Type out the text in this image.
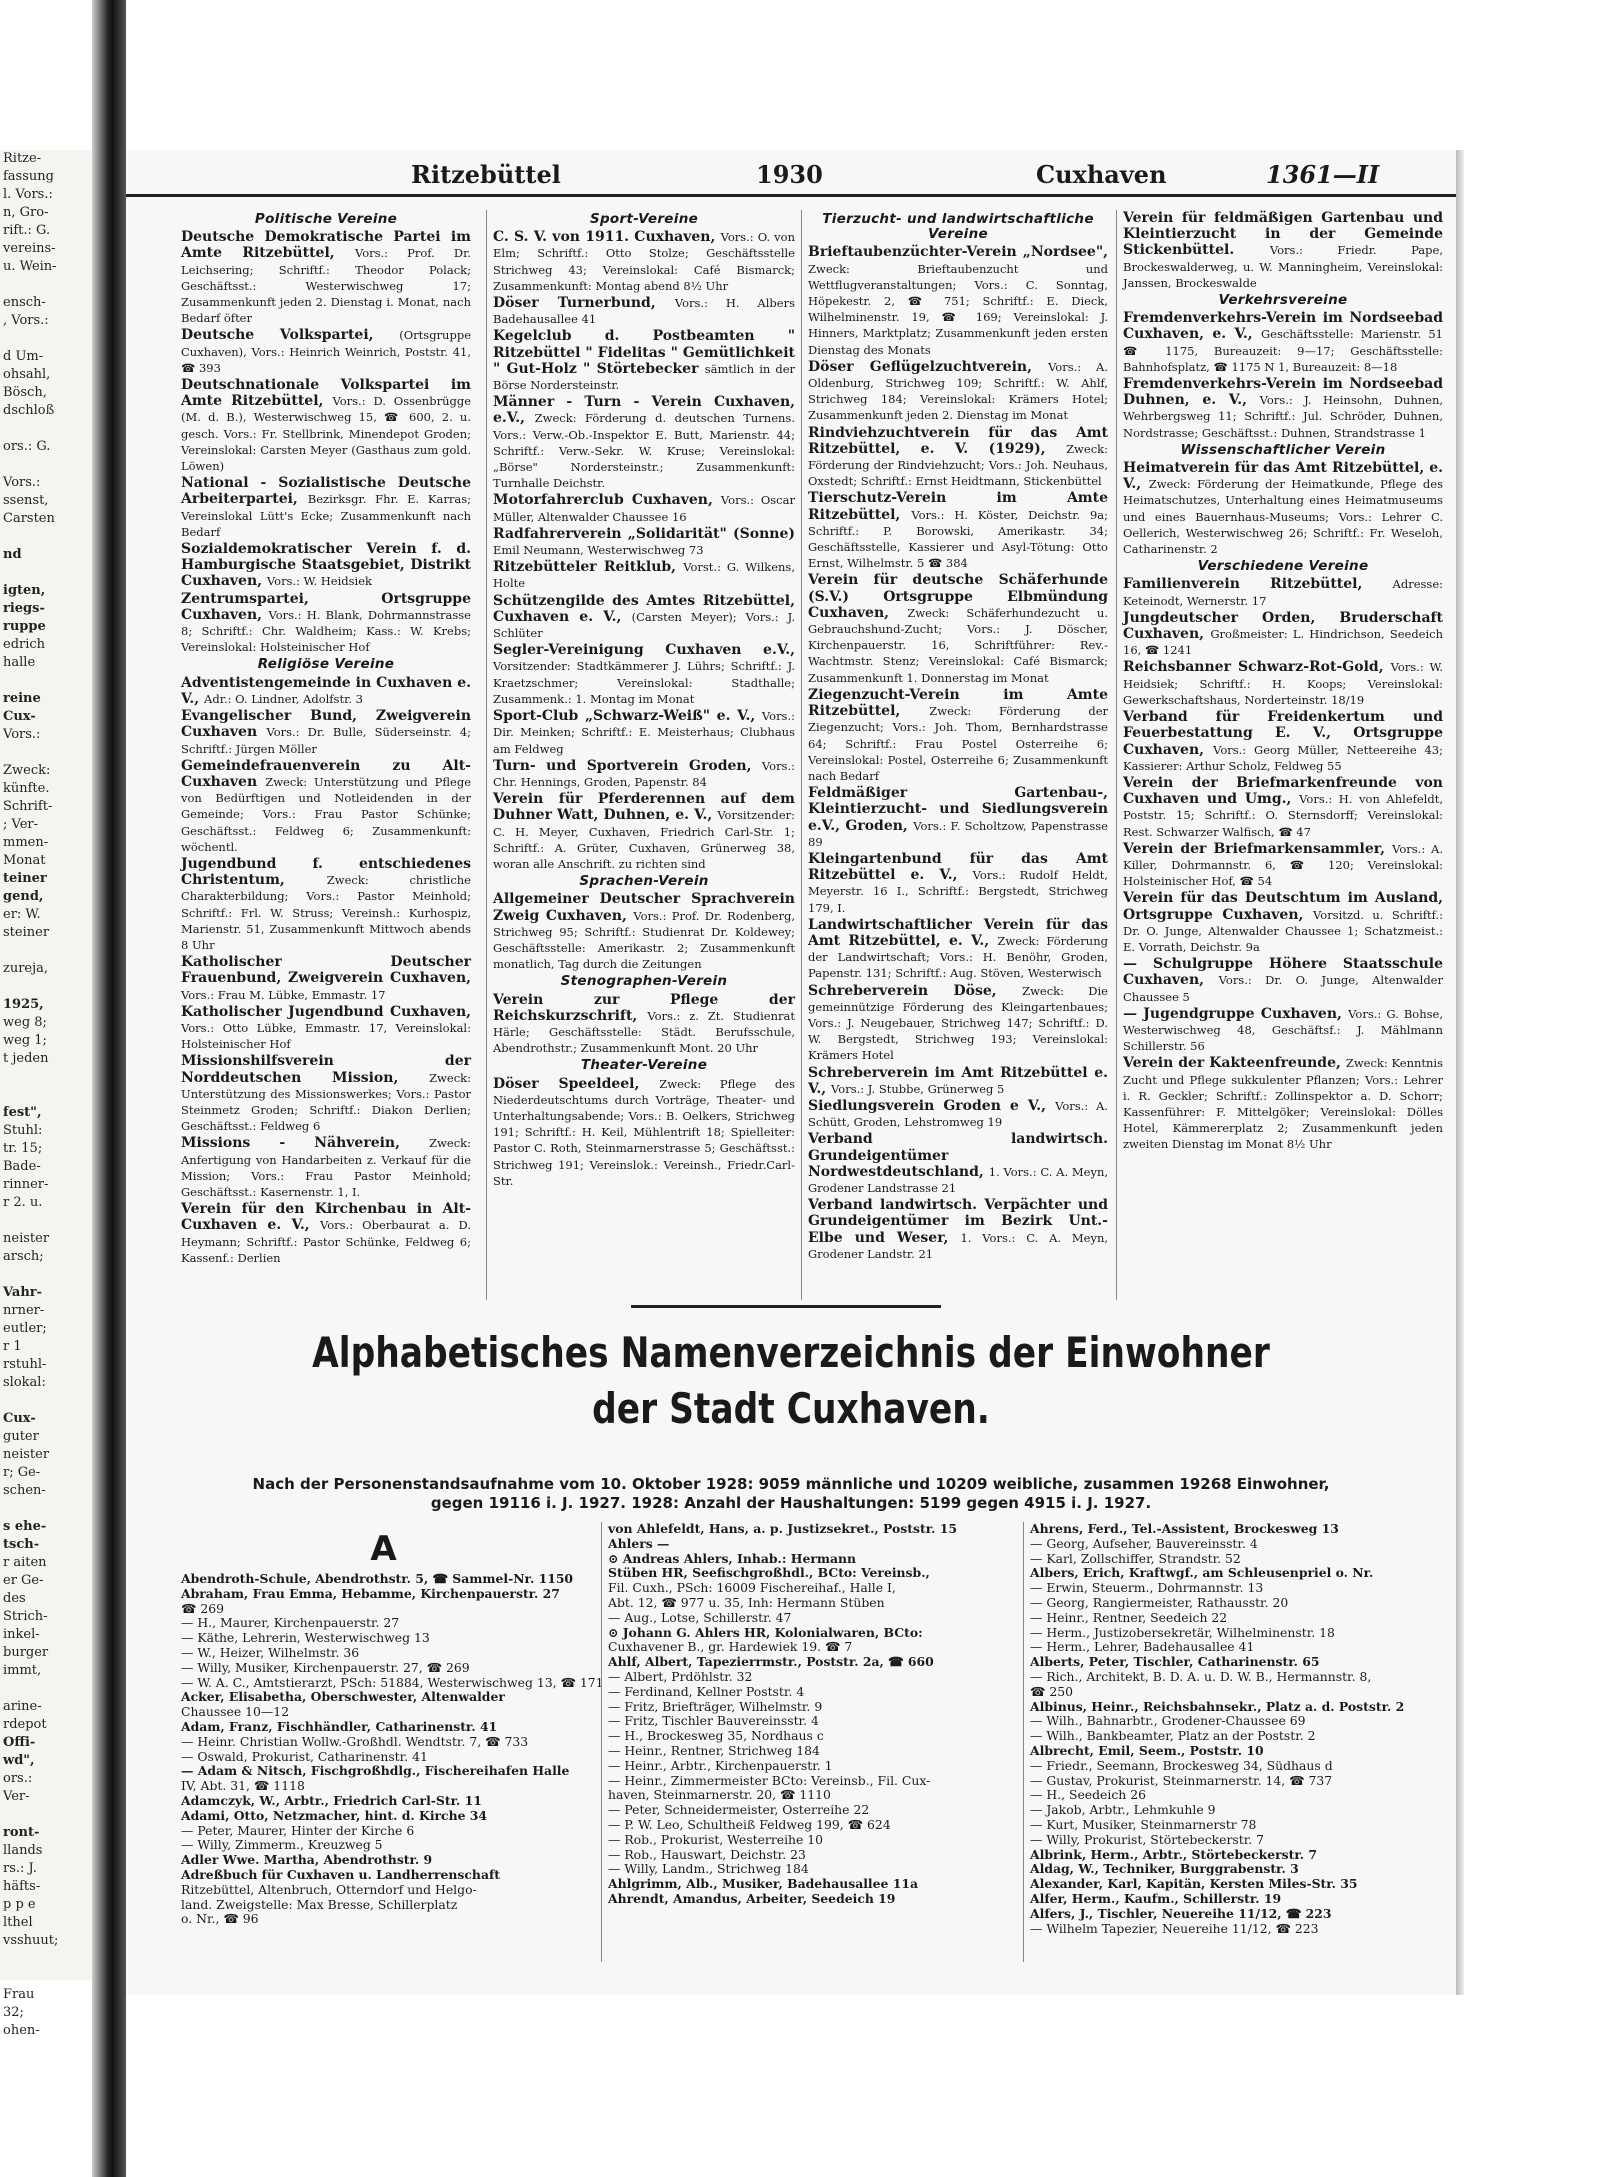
Ritze-
fassung
l. Vors.:
n, Gro-
rift.: G.
vereins-
u. Wein-

ensch-
, Vors.:

d Um-
ohsahl,
Bösch,
dschloß

ors.: G.

Vors.:
ssenst,
Carsten

nd

igten,
riegs-
ruppe
edrich
halle

reine
Cux-
Vors.:

Zweck:
künfte.
Schrift-
; Ver-
mmen-
Monat
teiner
gend,
er: W.
steiner

zureja,

1925,
weg 8;
weg 1;
t jeden

fest",
Stuhl:
tr. 15;
Bade-
rinner-
r 2. u.

neister
arsch;

Vahr-
nrner-
eutler;
r 1
rstuhl-
slokal:

Cux-
guter
neister
r; Ge-
schen-

s ehe-
tsch-
r aiten
er Ge-
des
Strich-
inkel-
burger
immt,

arine-
rdepot
Offi-
wd",
ors.:
Ver-

ront-
llands
rs.: J.
häfts-
p p e
lthel
vsshuut;

Frau
32;
ohen-
Ritzebüttel	1930	Cuxhaven	1361—II
Politische Vereine
Deutsche Demokratische Partei im Amte Ritzebüttel, Vors.: Prof. Dr. Leichsering; Schriftf.: Theodor Polack; Geschäftsst.: Westerwischweg 17; Zusammenkunft jeden 2. Dienstag i. Monat, nach Bedarf öfter
Deutsche Volkspartei, (Ortsgruppe Cuxhaven), Vors.: Heinrich Weinrich, Poststr. 41, ☎ 393
Deutschnationale Volkspartei im Amte Ritzebüttel, Vors.: D. Ossenbrügge (M. d. B.), Westerwischweg 15, ☎ 600, 2. u. gesch. Vors.: Fr. Stellbrink, Minendepot Groden; Vereinslokal: Carsten Meyer (Gasthaus zum gold. Löwen)
National - Sozialistische Deutsche Arbeiterpartei, Bezirksgr. Fhr. E. Karras; Vereinslokal Lütt's Ecke; Zusammenkunft nach Bedarf
Sozialdemokratischer Verein f. d. Hamburgische Staatsgebiet, Distrikt Cuxhaven, Vors.: W. Heidsiek
Zentrumspartei, Ortsgruppe Cuxhaven, Vors.: H. Blank, Dohrmannstrasse 8; Schriftf.: Chr. Waldheim; Kass.: W. Krebs; Vereinslokal: Holsteinischer Hof
Religiöse Vereine
Adventistengemeinde in Cuxhaven e. V., Adr.: O. Lindner, Adolfstr. 3
Evangelischer Bund, Zweigverein Cuxhaven Vors.: Dr. Bulle, Süderseinstr. 4; Schriftf.: Jürgen Möller
Gemeindefrauenverein zu Alt-Cuxhaven Zweck: Unterstützung und Pflege von Bedürftigen und Notleidenden in der Gemeinde; Vors.: Frau Pastor Schünke; Geschäftsst.: Feldweg 6; Zusammenkunft: wöchentl.
Jugendbund f. entschiedenes Christentum, Zweck: christliche Charakterbildung; Vors.: Pastor Meinhold; Schriftf.: Frl. W. Struss; Vereinsh.: Kurhospiz, Marienstr. 51, Zusammenkunft Mittwoch abends 8 Uhr
Katholischer Deutscher Frauenbund, Zweigverein Cuxhaven, Vors.: Frau M. Lübke, Emmastr. 17
Katholischer Jugendbund Cuxhaven, Vors.: Otto Lübke, Emmastr. 17, Vereinslokal: Holsteinischer Hof
Missionshilfsverein der Norddeutschen Mission, Zweck: Unterstützung des Missionswerkes; Vors.: Pastor Steinmetz Groden; Schriftf.: Diakon Derlien; Geschäftsst.: Feldweg 6
Missions - Nähverein, Zweck: Anfertigung von Handarbeiten z. Verkauf für die Mission; Vors.: Frau Pastor Meinhold; Geschäftsst.: Kasernenstr. 1, I.
Verein für den Kirchenbau in Alt-Cuxhaven e. V., Vors.: Oberbaurat a. D. Heymann; Schriftf.: Pastor Schünke, Feldweg 6; Kassenf.: Derlien
Sport-Vereine
C. S. V. von 1911. Cuxhaven, Vors.: O. von Elm; Schriftf.: Otto Stolze; Geschäftsstelle Strichweg 43; Vereinslokal: Café Bismarck; Zusammenkunft: Montag abend 8½ Uhr
Döser Turnerbund, Vors.: H. Albers Badehausallee 41
Kegelclub d. Postbeamten " Ritzebüttel " Fidelitas " Gemütlichkeit " Gut-Holz " Störtebecker sämtlich in der Börse Nordersteinstr.
Männer - Turn - Verein Cuxhaven, e.V., Zweck: Förderung d. deutschen Turnens. Vors.: Verw.-Ob.-Inspektor E. Butt, Marienstr. 44; Schriftf.: Verw.-Sekr. W. Kruse; Vereinslokal: „Börse" Nordersteinstr.; Zusammenkunft: Turnhalle Deichstr.
Motorfahrerclub Cuxhaven, Vors.: Oscar Müller, Altenwalder Chaussee 16
Radfahrerverein „Solidarität" (Sonne) Emil Neumann, Westerwischweg 73
Ritzebütteler Reitklub, Vorst.: G. Wilkens, Holte
Schützengilde des Amtes Ritzebüttel, Cuxhaven e. V., (Carsten Meyer); Vors.: J. Schlüter
Segler-Vereinigung Cuxhaven e.V., Vorsitzender: Stadtkämmerer J. Lührs; Schriftf.: J. Kraetzschmer; Vereinslokal: Stadthalle; Zusammenk.: 1. Montag im Monat
Sport-Club „Schwarz-Weiß" e. V., Vors.: Dir. Meinken; Schriftf.: E. Meisterhaus; Clubhaus am Feldweg
Turn- und Sportverein Groden, Vors.: Chr. Hennings, Groden, Papenstr. 84
Verein für Pferderennen auf dem Duhner Watt, Duhnen, e. V., Vorsitzender: C. H. Meyer, Cuxhaven, Friedrich Carl-Str. 1; Schriftf.: A. Grüter, Cuxhaven, Grünerweg 38, woran alle Anschrift. zu richten sind
Sprachen-Verein
Allgemeiner Deutscher Sprachverein Zweig Cuxhaven, Vors.: Prof. Dr. Rodenberg, Strichweg 95; Schriftf.: Studienrat Dr. Koldewey; Geschäftsstelle: Amerikastr. 2; Zusammenkunft monatlich, Tag durch die Zeitungen
Stenographen-Verein
Verein zur Pflege der Reichskurzschrift, Vors.: z. Zt. Studienrat Härle; Geschäftsstelle: Städt. Berufsschule, Abendrothstr.; Zusammenkunft Mont. 20 Uhr
Theater-Vereine
Döser Speeldeel, Zweck: Pflege des Niederdeutschtums durch Vorträge, Theater- und Unterhaltungsabende; Vors.: B. Oelkers, Strichweg 191; Schriftf.: H. Keil, Mühlentrift 18; Spielleiter: Pastor C. Roth, Steinmarnerstrasse 5; Geschäftsst.: Strichweg 191; Vereinslok.: Vereinsh., Friedr.Carl-Str.
Tierzucht- und landwirtschaftliche Vereine
Brieftaubenzüchter-Verein „Nordsee", Zweck: Brieftaubenzucht und Wettflugveranstaltungen; Vors.: C. Sonntag, Höpekestr. 2, ☎ 751; Schriftf.: E. Dieck, Wilhelminenstr. 19, ☎ 169; Vereinslokal: J. Hinners, Marktplatz; Zusammenkunft jeden ersten Dienstag des Monats
Döser Geflügelzuchtverein, Vors.: A. Oldenburg, Strichweg 109; Schriftf.: W. Ahlf, Strichweg 184; Vereinslokal: Krämers Hotel; Zusammenkunft jeden 2. Dienstag im Monat
Rindviehzuchtverein für das Amt Ritzebüttel, e. V. (1929), Zweck: Förderung der Rindviehzucht; Vors.: Joh. Neuhaus, Oxstedt; Schriftf.: Ernst Heidtmann, Stickenbüttel
Tierschutz-Verein im Amte Ritzebüttel, Vors.: H. Köster, Deichstr. 9a; Schriftf.: P. Borowski, Amerikastr. 34; Geschäftsstelle, Kassierer und Asyl-Tötung: Otto Ernst, Wilhelmstr. 5 ☎ 384
Verein für deutsche Schäferhunde (S.V.) Ortsgruppe Elbmündung Cuxhaven, Zweck: Schäferhundezucht u. Gebrauchshund-Zucht; Vors.: J. Döscher, Kirchenpauerstr. 16, Schriftführer: Rev.-Wachtmstr. Stenz; Vereinslokal: Café Bismarck; Zusammenkunft 1. Donnerstag im Monat
Ziegenzucht-Verein im Amte Ritzebüttel, Zweck: Förderung der Ziegenzucht; Vors.: Joh. Thom, Bernhardstrasse 64; Schriftf.: Frau Postel Osterreihe 6; Vereinslokal: Postel, Osterreihe 6; Zusammenkunft nach Bedarf
Feldmäßiger Gartenbau-, Kleintierzucht- und Siedlungsverein e.V., Groden, Vors.: F. Scholtzow, Papenstrasse 89
Kleingartenbund für das Amt Ritzebüttel e. V., Vors.: Rudolf Heldt, Meyerstr. 16 I., Schriftf.: Bergstedt, Strichweg 179, I.
Landwirtschaftlicher Verein für das Amt Ritzebüttel, e. V., Zweck: Förderung der Landwirtschaft; Vors.: H. Benöhr, Groden, Papenstr. 131; Schriftf.: Aug. Stöven, Westerwisch
Schreberverein Döse, Zweck: Die gemeinnützige Förderung des Kleingartenbaues; Vors.: J. Neugebauer, Strichweg 147; Schriftf.: D. W. Bergstedt, Strichweg 193; Vereinslokal: Krämers Hotel
Schreberverein im Amt Ritzebüttel e. V., Vors.: J. Stubbe, Grünerweg 5
Siedlungsverein Groden e V., Vors.: A. Schütt, Groden, Lehstromweg 19
Verband landwirtsch. Grundeigentümer Nordwestdeutschland, 1. Vors.: C. A. Meyn, Grodener Landstrasse 21
Verband landwirtsch. Verpächter und Grundeigentümer im Bezirk Unt.-Elbe und Weser, 1. Vors.: C. A. Meyn, Grodener Landstr. 21
Verein für feldmäßigen Gartenbau und Kleintierzucht in der Gemeinde Stickenbüttel. Vors.: Friedr. Pape, Brockeswalderweg, u. W. Manningheim, Vereinslokal: Janssen, Brockeswalde
Verkehrsvereine
Fremdenverkehrs-Verein im Nordseebad Cuxhaven, e. V., Geschäftsstelle: Marienstr. 51 ☎ 1175, Bureauzeit: 9—17; Geschäftsstelle: Bahnhofsplatz, ☎ 1175 N 1, Bureauzeit: 8—18
Fremdenverkehrs-Verein im Nordseebad Duhnen, e. V., Vors.: J. Heinsohn, Duhnen, Wehrbergsweg 11; Schriftf.: Jul. Schröder, Duhnen, Nordstrasse; Geschäftsst.: Duhnen, Strandstrasse 1
Wissenschaftlicher Verein
Heimatverein für das Amt Ritzebüttel, e. V., Zweck: Förderung der Heimatkunde, Pflege des Heimatschutzes, Unterhaltung eines Heimatmuseums und eines Bauernhaus-Museums; Vors.: Lehrer C. Oellerich, Westerwischweg 26; Schriftf.: Fr. Weseloh, Catharinenstr. 2
Verschiedene Vereine
Familienverein Ritzebüttel, Adresse: Keteinodt, Wernerstr. 17
Jungdeutscher Orden, Bruderschaft Cuxhaven, Großmeister: L. Hindrichson, Seedeich 16, ☎ 1241
Reichsbanner Schwarz-Rot-Gold, Vors.: W. Heidsiek; Schriftf.: H. Koops; Vereinslokal: Gewerkschaftshaus, Norderteinstr. 18/19
Verband für Freidenkertum und Feuerbestattung E. V., Ortsgruppe Cuxhaven, Vors.: Georg Müller, Netteereihe 43; Kassierer: Arthur Scholz, Feldweg 55
Verein der Briefmarkenfreunde von Cuxhaven und Umg., Vors.: H. von Ahlefeldt, Poststr. 15; Schriftf.: O. Sternsdorff; Vereinslokal: Rest. Schwarzer Walfisch, ☎ 47
Verein der Briefmarkensammler, Vors.: A. Killer, Dohrmannstr. 6, ☎ 120; Vereinslokal: Holsteinischer Hof, ☎ 54
Verein für das Deutschtum im Ausland, Ortsgruppe Cuxhaven, Vorsitzd. u. Schriftf.: Dr. O. Junge, Altenwalder Chaussee 1; Schatzmeist.: E. Vorrath, Deichstr. 9a
— Schulgruppe Höhere Staatsschule Cuxhaven, Vors.: Dr. O. Junge, Altenwalder Chaussee 5
— Jugendgruppe Cuxhaven, Vors.: G. Bohse, Westerwischweg 48, Geschäftsf.: J. Mählmann Schillerstr. 56
Verein der Kakteenfreunde, Zweck: Kenntnis Zucht und Pflege sukkulenter Pflanzen; Vors.: Lehrer i. R. Geckler; Schriftf.: Zollinspektor a. D. Schorr; Kassenführer: F. Mittelgöker; Vereinslokal: Dölles Hotel, Kämmererplatz 2; Zusammenkunft jeden zweiten Dienstag im Monat 8½ Uhr
Alphabetisches Namenverzeichnis der Einwohner
der Stadt Cuxhaven.
Nach der Personenstandsaufnahme vom 10. Oktober 1928: 9059 männliche und 10209 weibliche, zusammen 19268 Einwohner,
gegen 19116 i. J. 1927. 1928: Anzahl der Haushaltungen: 5199 gegen 4915 i. J. 1927.
A
Abendroth-Schule, Abendrothstr. 5, ☎ Sammel-Nr. 1150
Abraham, Frau Emma, Hebamme, Kirchenpauerstr. 27
☎ 269
— H., Maurer, Kirchenpauerstr. 27
— Käthe, Lehrerin, Westerwischweg 13
— W., Heizer, Wilhelmstr. 36
— Willy, Musiker, Kirchenpauerstr. 27, ☎ 269
— W. A. C., Amtstierarzt, PSch: 51884, Westerwischweg 13, ☎ 171
Acker, Elisabetha, Oberschwester, Altenwalder
Chaussee 10—12
Adam, Franz, Fischhändler, Catharinenstr. 41
— Heinr. Christian Wollw.-Großhdl. Wendtstr. 7, ☎ 733
— Oswald, Prokurist, Catharinenstr. 41
— Adam & Nitsch, Fischgroßhdlg., Fischereihafen Halle
IV, Abt. 31, ☎ 1118
Adamczyk, W., Arbtr., Friedrich Carl-Str. 11
Adami, Otto, Netzmacher, hint. d. Kirche 34
— Peter, Maurer, Hinter der Kirche 6
— Willy, Zimmerm., Kreuzweg 5
Adler Wwe. Martha, Abendrothstr. 9
Adreßbuch für Cuxhaven u. Landherrenschaft
Ritzebüttel, Altenbruch, Otterndorf und Helgo-
land. Zweigstelle: Max Bresse, Schillerplatz
o. Nr., ☎ 96
von Ahlefeldt, Hans, a. p. Justizsekret., Poststr. 15
Ahlers —
⊙ Andreas Ahlers, Inhab.: Hermann
Stüben HR, Seefischgroßhdl., BCto: Vereinsb.,
Fil. Cuxh., PSch: 16009 Fischereihaf., Halle I,
Abt. 12, ☎ 977 u. 35, Inh: Hermann Stüben
— Aug., Lotse, Schillerstr. 47
⊙ Johann G. Ahlers HR, Kolonialwaren, BCto:
Cuxhavener B., gr. Hardewiek 19. ☎ 7
Ahlf, Albert, Tapezierrmstr., Poststr. 2a, ☎ 660
— Albert, Prdöhlstr. 32
— Ferdinand, Kellner Poststr. 4
— Fritz, Briefträger, Wilhelmstr. 9
— Fritz, Tischler Bauvereinsstr. 4
— H., Brockesweg 35, Nordhaus c
— Heinr., Rentner, Strichweg 184
— Heinr., Arbtr., Kirchenpauerstr. 1
— Heinr., Zimmermeister BCto: Vereinsb., Fil. Cux-
haven, Steinmarnerstr. 20, ☎ 1110
— Peter, Schneidermeister, Osterreihe 22
— P. W. Leo, Schultheiß Feldweg 199, ☎ 624
— Rob., Prokurist, Westerreihe 10
— Rob., Hauswart, Deichstr. 23
— Willy, Landm., Strichweg 184
Ahlgrimm, Alb., Musiker, Badehausallee 11a
Ahrendt, Amandus, Arbeiter, Seedeich 19
Ahrens, Ferd., Tel.-Assistent, Brockesweg 13
— Georg, Aufseher, Bauvereinsstr. 4
— Karl, Zollschiffer, Strandstr. 52
Albers, Erich, Kraftwgf., am Schleusenpriel o. Nr.
— Erwin, Steuerm., Dohrmannstr. 13
— Georg, Rangiermeister, Rathausstr. 20
— Heinr., Rentner, Seedeich 22
— Herm., Justizobersekretär, Wilhelminenstr. 18
— Herm., Lehrer, Badehausallee 41
Alberts, Peter, Tischler, Catharinenstr. 65
— Rich., Architekt, B. D. A. u. D. W. B., Hermannstr. 8,
☎ 250
Albinus, Heinr., Reichsbahnsekr., Platz a. d. Poststr. 2
— Wilh., Bahnarbtr., Grodener-Chaussee 69
— Wilh., Bankbeamter, Platz an der Poststr. 2
Albrecht, Emil, Seem., Poststr. 10
— Friedr., Seemann, Brockesweg 34, Südhaus d
— Gustav, Prokurist, Steinmarnerstr. 14, ☎ 737
— H., Seedeich 26
— Jakob, Arbtr., Lehmkuhle 9
— Kurt, Musiker, Steinmarnerstr 78
— Willy, Prokurist, Störtebeckerstr. 7
Albrink, Herm., Arbtr., Störtebeckerstr. 7
Aldag, W., Techniker, Burggrabenstr. 3
Alexander, Karl, Kapitän, Kersten Miles-Str. 35
Alfer, Herm., Kaufm., Schillerstr. 19
Alfers, J., Tischler, Neuereihe 11/12, ☎ 223
— Wilhelm Tapezier, Neuereihe 11/12, ☎ 223
